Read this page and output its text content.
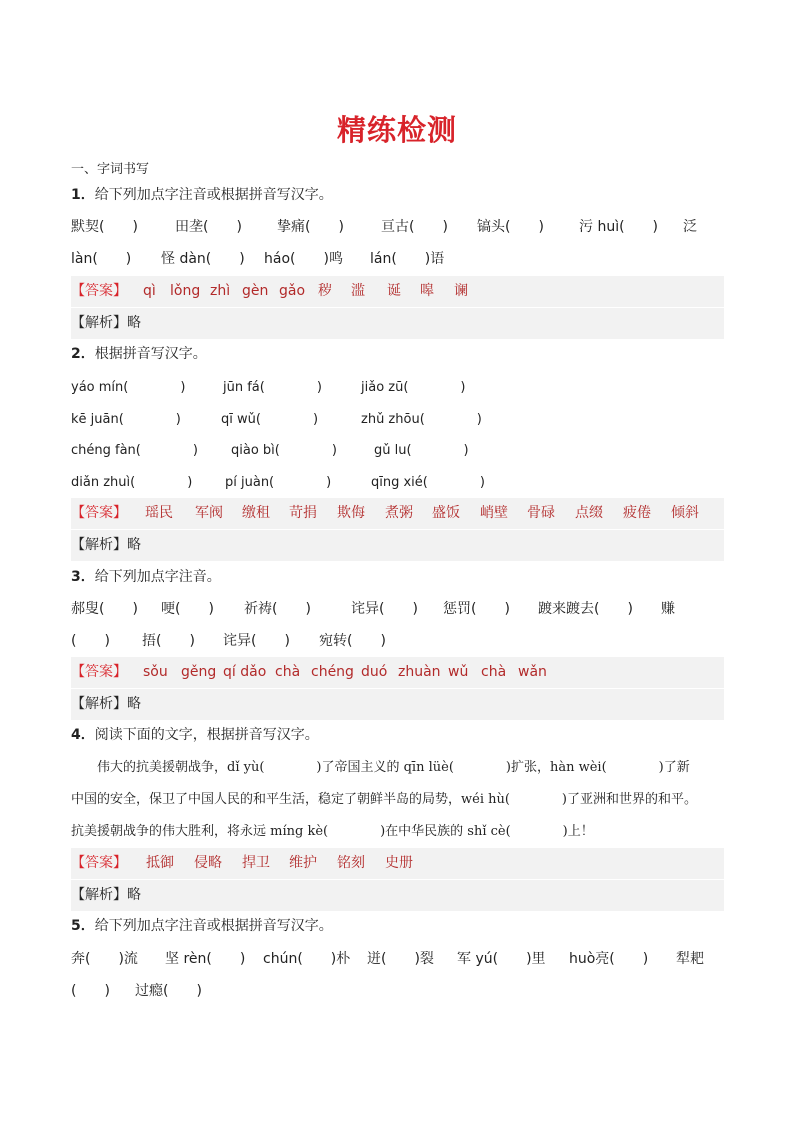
精练检测
一、字词书写
1．给下列加点字注音或根据拼音写汉字。
默契(　　)	田垄(　　)	挚痛(　　)	亘古(　　) 镐头(　　)	污 huì(　　) 泛
làn(　　) 怪 dàn(　　) háo(　　)鸣 lán(　　)语
【答案】 qì lǒng zhì gèn gǎo 秽 滥 诞 嗥 谰
【解析】略
2．根据拼音写汉字。
yáo mín(　　　　)	jūn fá(　　　　)	jiǎo zū(　　　　)
kē juān(　　　　)	qī wǔ(　　　　)	zhǔ zhōu(　　　　)
chéng fàn(　　　　)	qiào bì(　　　　)	gǔ lu(　　　　)
diǎn zhuì(　　　　)	pí juàn(　　　　)	qīng xié(　　　　)
【答案】 瑶民 军阀 缴租 苛捐 欺侮 煮粥 盛饭 峭壁 骨碌 点缀 疲倦 倾斜
【解析】略
3．给下列加点字注音。
郝叟(　　) 哽(　　) 祈祷(　　)	诧异(　　) 惩罚(　　) 踱来踱去(　　) 赚
(　　) 捂(　　) 诧异(　　) 宛转(　　)
【答案】 sǒu gěng qí dǎo chà chéng duó zhuàn wǔ chà wǎn
【解析】略
4．阅读下面的文字，根据拼音写汉字。
　　伟大的抗美援朝战争，dǐ yù(　　　　)了帝国主义的 qīn lüè(　　　　)扩张，hàn wèi(　　　　)了新
中国的安全，保卫了中国人民的和平生活，稳定了朝鲜半岛的局势，wéi hù(　　　　)了亚洲和世界的和平。
抗美援朝战争的伟大胜利，将永远 míng kè(　　　　)在中华民族的 shǐ cè(　　　　)上！
【答案】 抵御 侵略 捍卫 维护 铭刻 史册
【解析】略
5．给下列加点字注音或根据拼音写汉字。
奔(　　)流 坚 rèn(　　) chún(　　)朴 迸(　　)裂 军 yú(　　)里 huò亮(　　) 犁耙
(　　) 过瘾(　　)
